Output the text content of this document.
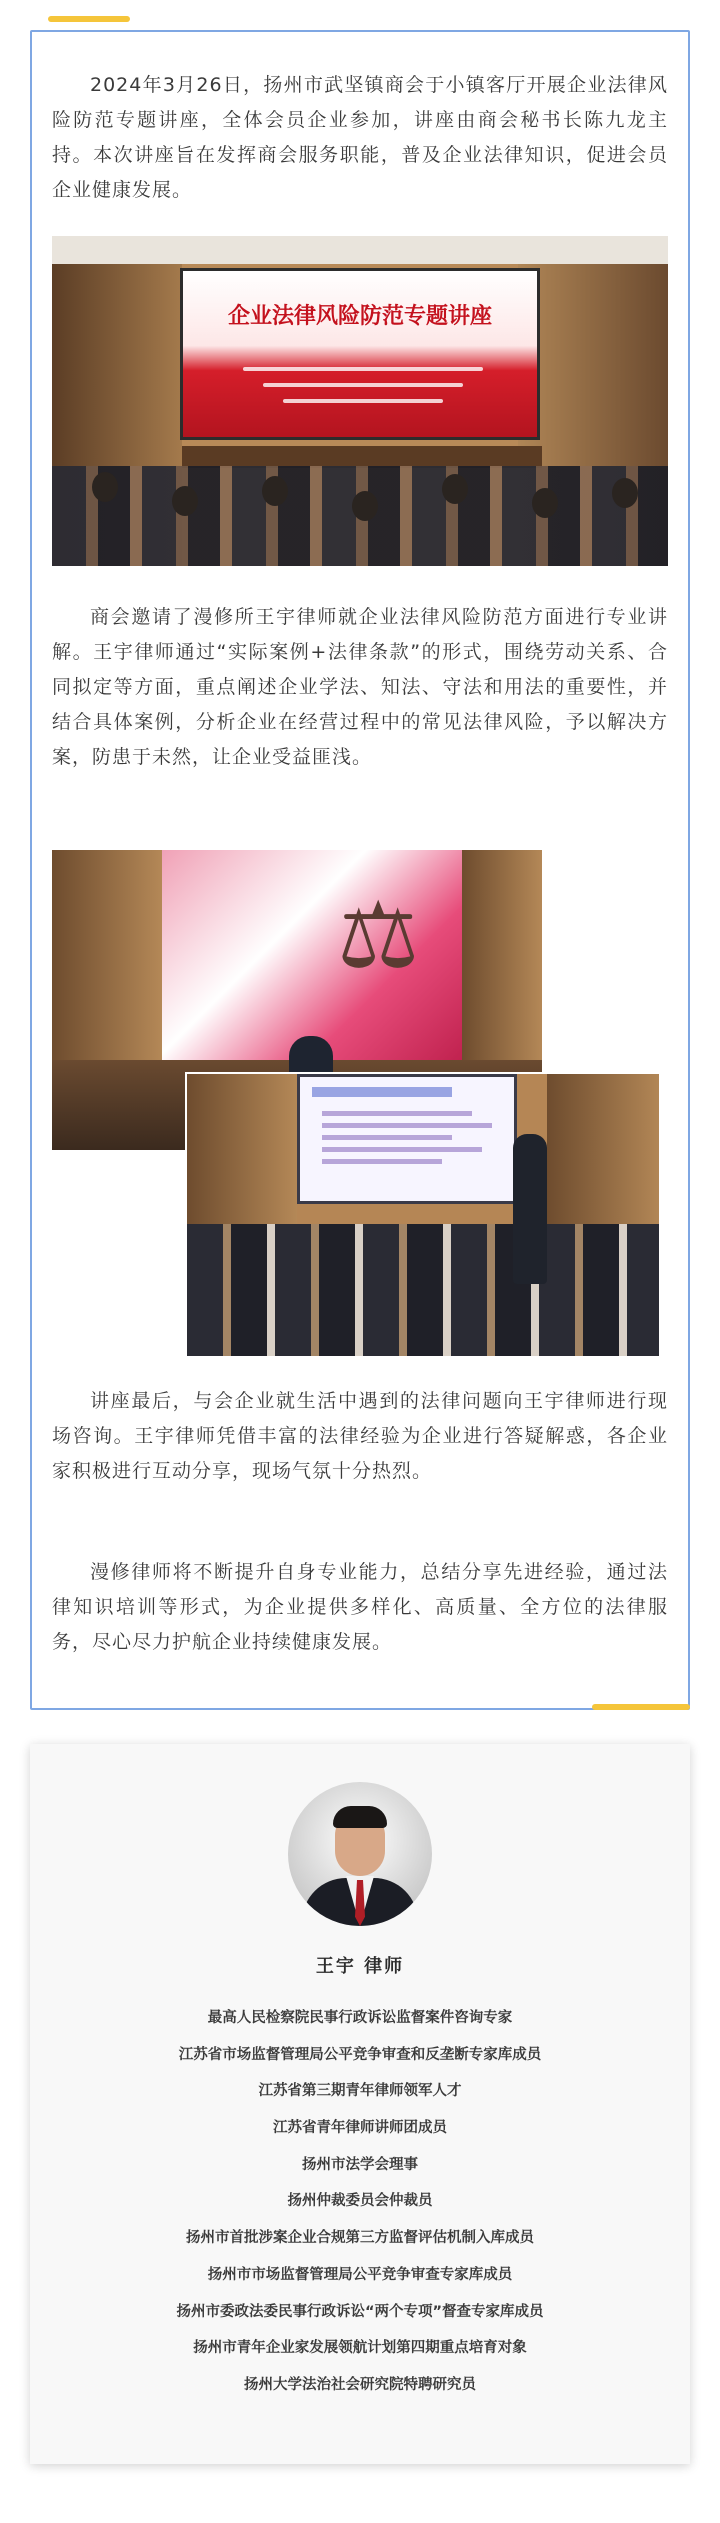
2024年3月26日，扬州市武坚镇商会于小镇客厅开展企业法律风险防范专题讲座，全体会员企业参加，讲座由商会秘书长陈九龙主持。本次讲座旨在发挥商会服务职能，普及企业法律知识，促进会员企业健康发展。

企业法律风险防范专题讲座

商会邀请了漫修所王宇律师就企业法律风险防范方面进行专业讲解。王宇律师通过“实际案例+法律条款”的形式，围绕劳动关系、合同拟定等方面，重点阐述企业学法、知法、守法和用法的重要性，并结合具体案例，分析企业在经营过程中的常见法律风险，予以解决方案，防患于未然，让企业受益匪浅。

⚖

讲座最后，与会企业就生活中遇到的法律问题向王宇律师进行现场咨询。王宇律师凭借丰富的法律经验为企业进行答疑解惑，各企业家积极进行互动分享，现场气氛十分热烈。

漫修律师将不断提升自身专业能力，总结分享先进经验，通过法律知识培训等形式，为企业提供多样化、高质量、全方位的法律服务，尽心尽力护航企业持续健康发展。

王宇 律师
最高人民检察院民事行政诉讼监督案件咨询专家
江苏省市场监督管理局公平竞争审查和反垄断专家库成员
江苏省第三期青年律师领军人才
江苏省青年律师讲师团成员
扬州市法学会理事
扬州仲裁委员会仲裁员
扬州市首批涉案企业合规第三方监督评估机制入库成员
扬州市市场监督管理局公平竞争审查专家库成员
扬州市委政法委民事行政诉讼“两个专项”督查专家库成员
扬州市青年企业家发展领航计划第四期重点培育对象
扬州大学法治社会研究院特聘研究员
